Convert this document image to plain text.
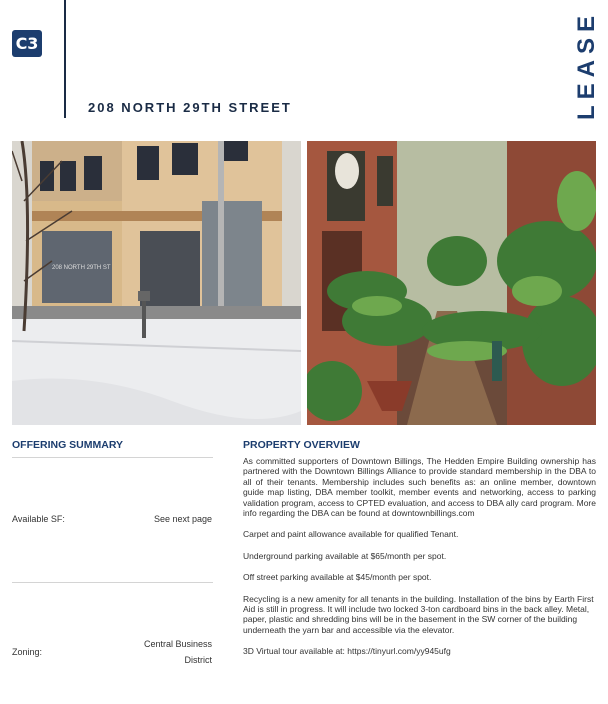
C3
208 NORTH 29TH STREET	LEASE
208 NORTH 29TH ST
OFFERING SUMMARY
Available SF:	See next page
Zoning:
Central Business
District
PROPERTY OVERVIEW

As committed supporters of Downtown Billings, The Hedden Empire Building ownership has partnered with the Downtown Billings Alliance to provide standard membership in the DBA to all of their tenants. Membership includes such benefits as: an online member, downtown guide map listing, DBA member toolkit, member events and networking, access to parking validation program, access to CPTED evaluation, and access to DBA ally card program. More info regarding the DBA can be found at downtownbillings.com

Carpet and paint allowance available for qualified Tenant.

Underground parking available at $65/month per spot.

Off street parking available at $45/month per spot.

Recycling is a new amenity for all tenants in the building. Installation of the bins by Earth First Aid is still in progress. It will include two locked 3-ton cardboard bins in the back alley. Metal, paper, plastic and shredding bins will be in the basement in the SW corner of the building underneath the yarn bar and accessible via the elevator.

3D Virtual tour available at: https://tinyurl.com/yy945ufg
